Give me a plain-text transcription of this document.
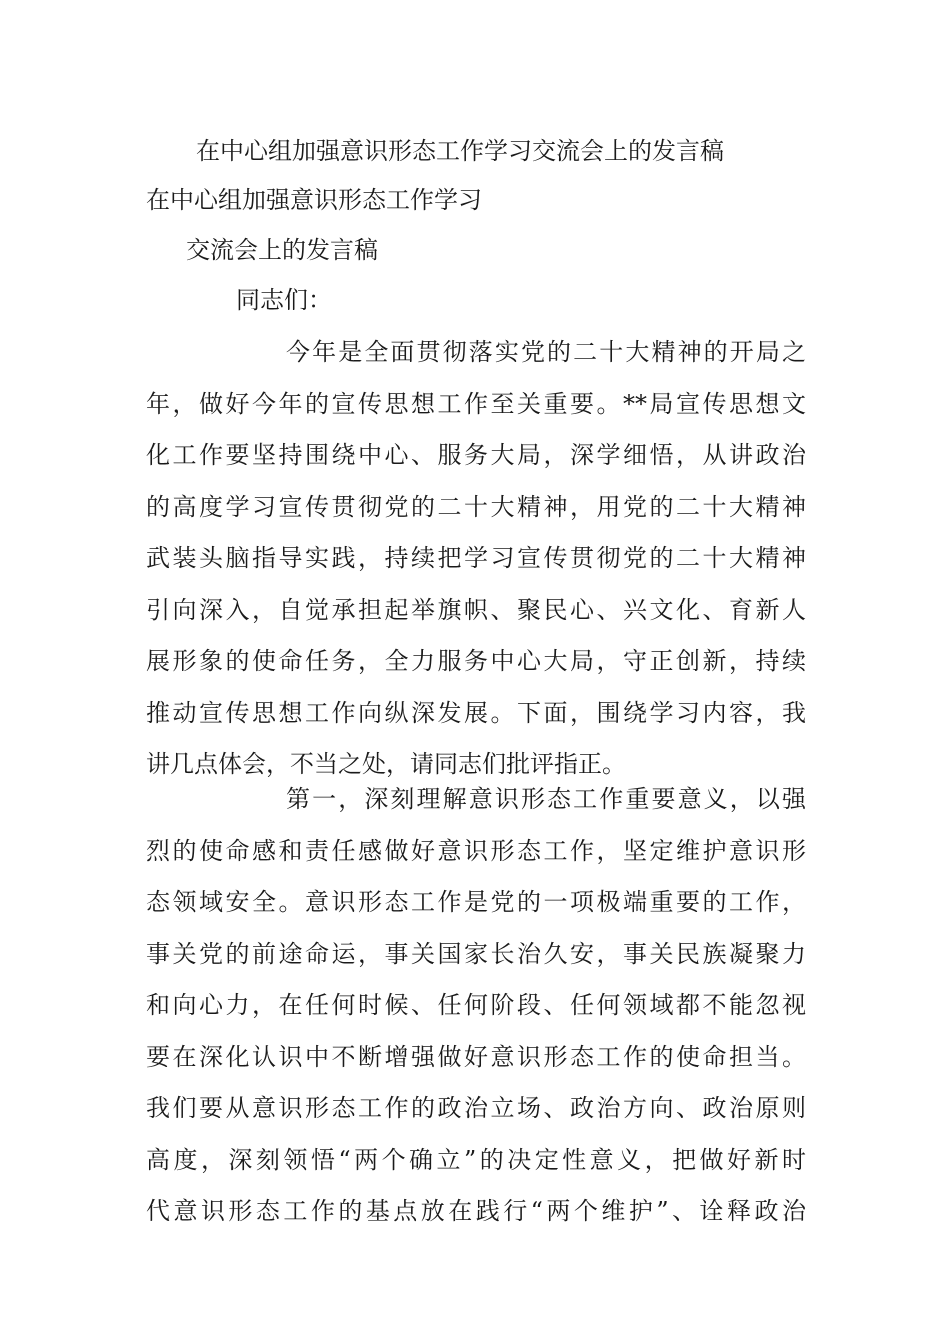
在中心组加强意识形态工作学习交流会上的发言稿
在中心组加强意识形态工作学习
交流会上的发言稿
同志们：
今年是全面贯彻落实党的二十大精神的开局之
年，做好今年的宣传思想工作至关重要。**局宣传思想文
化工作要坚持围绕中心、服务大局，深学细悟，从讲政治
的高度学习宣传贯彻党的二十大精神，用党的二十大精神
武装头脑指导实践，持续把学习宣传贯彻党的二十大精神
引向深入，自觉承担起举旗帜、聚民心、兴文化、育新人
展形象的使命任务，全力服务中心大局，守正创新，持续
推动宣传思想工作向纵深发展。下面，围绕学习内容，我
讲几点体会，不当之处，请同志们批评指正。
第一，深刻理解意识形态工作重要意义，以强
烈的使命感和责任感做好意识形态工作，坚定维护意识形
态领域安全。意识形态工作是党的一项极端重要的工作，
事关党的前途命运，事关国家长治久安，事关民族凝聚力
和向心力，在任何时候、任何阶段、任何领域都不能忽视
要在深化认识中不断增强做好意识形态工作的使命担当。
我们要从意识形态工作的政治立场、政治方向、政治原则
高度，深刻领悟“两个确立”的决定性意义，把做好新时
代意识形态工作的基点放在践行“两个维护”、诠释政治
